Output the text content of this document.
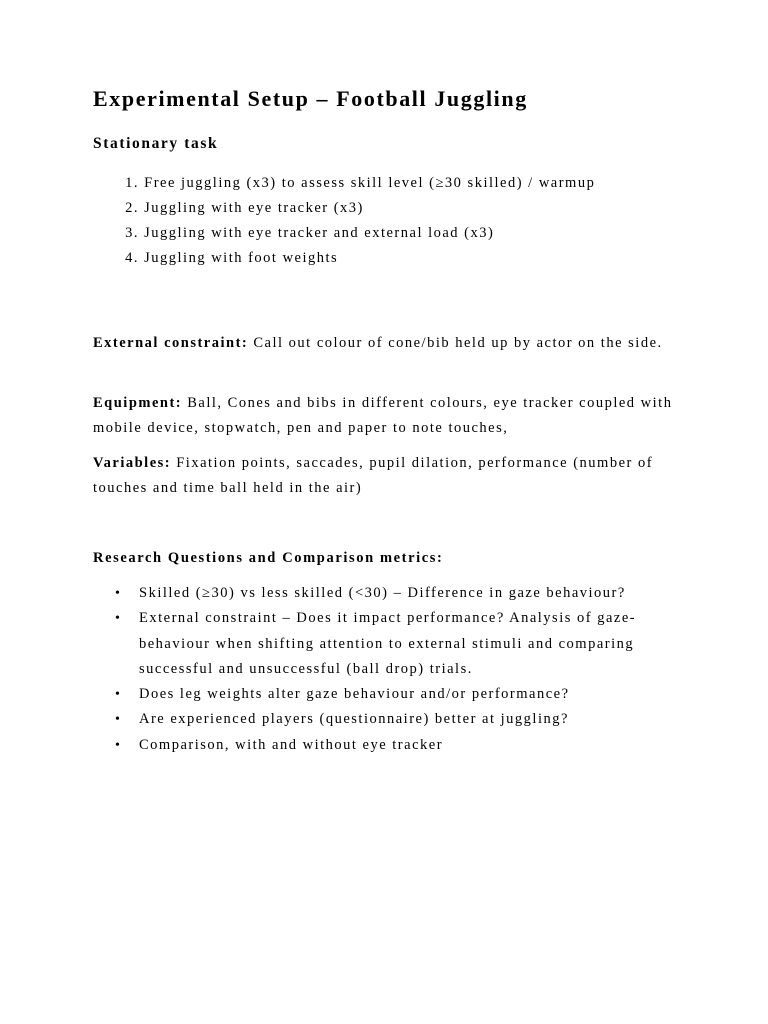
Experimental Setup – Football Juggling
Stationary task
1. Free juggling (x3) to assess skill level (≥30 skilled) / warmup
2. Juggling with eye tracker (x3)
3. Juggling with eye tracker and external load (x3)
4. Juggling with foot weights

External constraint: Call out colour of cone/bib held up by actor on the side.

Equipment: Ball, Cones and bibs in different colours, eye tracker coupled with mobile device, stopwatch, pen and paper to note touches,

Variables: Fixation points, saccades, pupil dilation, performance (number of touches and time ball held in the air)

Research Questions and Comparison metrics:
• Skilled (≥30) vs less skilled (<30) – Difference in gaze behaviour?
• External constraint – Does it impact performance? Analysis of gaze-behaviour when shifting attention to external stimuli and comparing successful and unsuccessful (ball drop) trials.
• Does leg weights alter gaze behaviour and/or performance?
• Are experienced players (questionnaire) better at juggling?
• Comparison, with and without eye tracker
